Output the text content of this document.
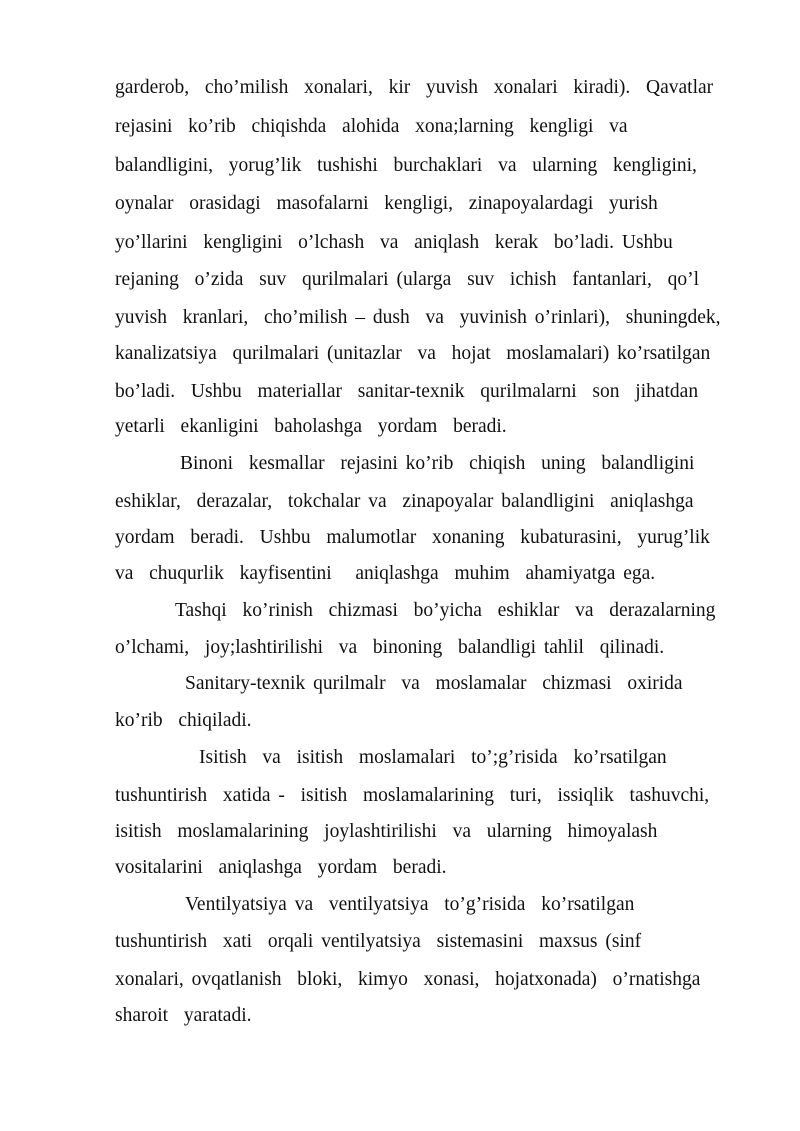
garderob,  cho’milish  xonalari,  kir  yuvish  xonalari  kiradi).  Qavatlar
rejasini  ko’rib  chiqishda  alohida  xona;larning  kengligi  va
balandligini,  yorug’lik  tushishi  burchaklari  va  ularning  kengligini,
oynalar  orasidagi  masofalarni  kengligi,  zinapoyalardagi  yurish
yo’llarini  kengligini  o’lchash  va  aniqlash  kerak  bo’ladi. Ushbu
rejaning  o’zida  suv  qurilmalari (ularga  suv  ichish  fantanlari,  qo’l
yuvish  kranlari,  cho’milish – dush  va  yuvinish o’rinlari),  shuningdek,
kanalizatsiya  qurilmalari (unitazlar  va  hojat  moslamalari) ko’rsatilgan
bo’ladi.  Ushbu  materiallar  sanitar-texnik  qurilmalarni  son  jihatdan
yetarli  ekanligini  baholashga  yordam  beradi.
Binoni  kesmallar  rejasini ko’rib  chiqish  uning  balandligini
eshiklar,  derazalar,  tokchalar va  zinapoyalar balandligini  aniqlashga
yordam  beradi.  Ushbu  malumotlar  xonaning  kubaturasini,  yurug’lik
va  chuqurlik  kayfisentini   aniqlashga  muhim  ahamiyatga ega.
Tashqi  ko’rinish  chizmasi  bo’yicha  eshiklar  va  derazalarning
o’lchami,  joy;lashtirilishi  va  binoning  balandligi tahlil  qilinadi.
Sanitary-texnik qurilmalr  va  moslamalar  chizmasi  oxirida
ko’rib  chiqiladi.
Isitish  va  isitish  moslamalari  to’;g’risida  ko’rsatilgan
tushuntirish  xatida -  isitish  moslamalarining  turi,  issiqlik  tashuvchi,
isitish  moslamalarining  joylashtirilishi  va  ularning  himoyalash
vositalarini  aniqlashga  yordam  beradi.
Ventilyatsiya va  ventilyatsiya  to’g’risida  ko’rsatilgan
tushuntirish  xati  orqali ventilyatsiya  sistemasini  maxsus (sinf
xonalari, ovqatlanish  bloki,  kimyo  xonasi,  hojatxonada)  o’rnatishga
sharoit  yaratadi.
